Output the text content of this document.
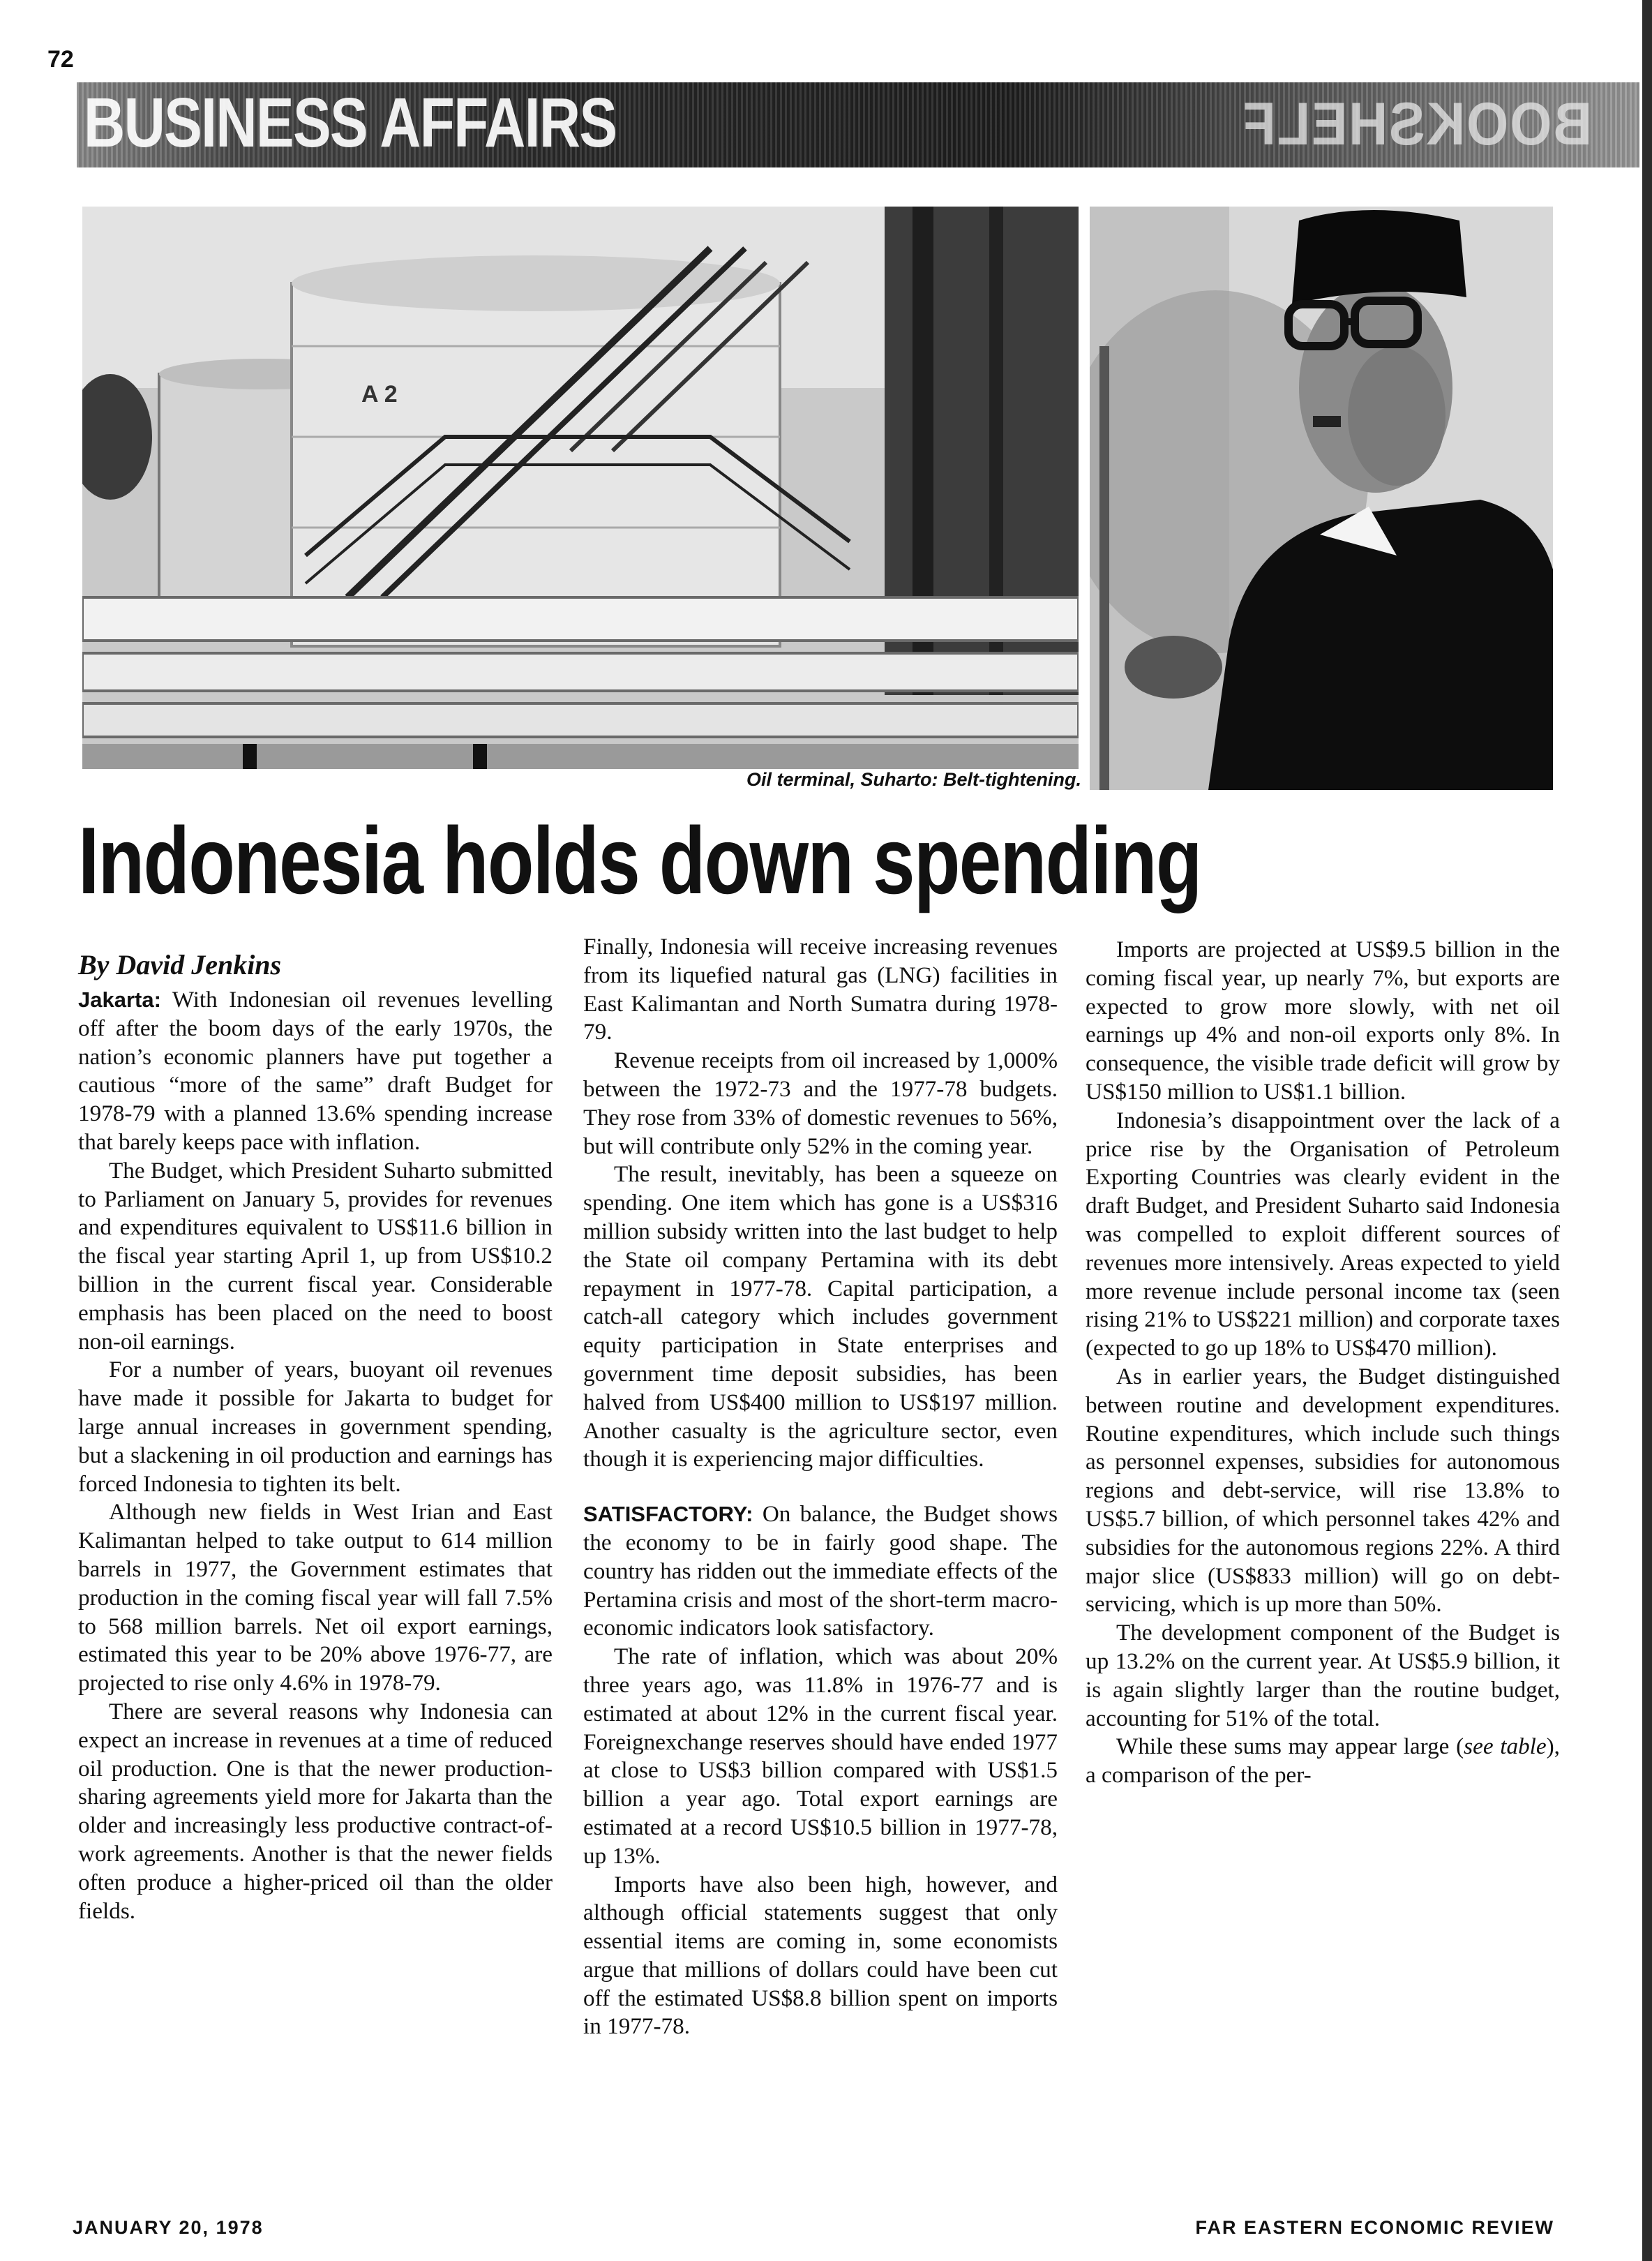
72
BUSINESS AFFAIRS	BOOKSHELF
A 2
Oil terminal, Suharto: Belt-tightening.
Indonesia holds down spending
By David Jenkins

Jakarta: With Indonesian oil revenues levelling off after the boom days of the early 1970s, the nation’s economic planners have put together a cautious “more of the same” draft Budget for 1978-79 with a planned 13.6% spending increase that barely keeps pace with inflation.

The Budget, which President Suharto submitted to Parliament on January 5, provides for revenues and expenditures equivalent to US$11.6 billion in the fiscal year starting April 1, up from US$10.2 billion in the current fiscal year. Considerable emphasis has been placed on the need to boost non-oil earnings.

For a number of years, buoyant oil revenues have made it possible for Jakarta to budget for large annual increases in government spending, but a slackening in oil production and earnings has forced Indonesia to tighten its belt.

Although new fields in West Irian and East Kalimantan helped to take output to 614 million barrels in 1977, the Government estimates that production in the coming fiscal year will fall 7.5% to 568 million barrels. Net oil export earnings, estimated this year to be 20% above 1976-77, are projected to rise only 4.6% in 1978-79.

There are several reasons why Indonesia can expect an increase in revenues at a time of reduced oil production. One is that the newer production-sharing agreements yield more for Jakarta than the older and increasingly less productive contract-of-work agreements. Another is that the newer fields often produce a higher-priced oil than the older fields.

Finally, Indonesia will receive increasing revenues from its liquefied natural gas (LNG) facilities in East Kalimantan and North Sumatra during 1978-79.

Revenue receipts from oil increased by 1,000% between the 1972-73 and the 1977-78 budgets. They rose from 33% of domestic revenues to 56%, but will contribute only 52% in the coming year.

The result, inevitably, has been a squeeze on spending. One item which has gone is a US$316 million subsidy written into the last budget to help the State oil company Pertamina with its debt repayment in 1977-78. Capital participation, a catch-all category which includes government equity participation in State enterprises and government time deposit subsidies, has been halved from US$400 million to US$197 million. Another casualty is the agriculture sector, even though it is experiencing major difficulties.

SATISFACTORY: On balance, the Budget shows the economy to be in fairly good shape. The country has ridden out the immediate effects of the Pertamina crisis and most of the short-term macroeconomic indicators look satisfactory.

The rate of inflation, which was about 20% three years ago, was 11.8% in 1976-77 and is estimated at about 12% in the current fiscal year. Foreignexchange reserves should have ended 1977 at close to US$3 billion compared with US$1.5 billion a year ago. Total export earnings are estimated at a record US$10.5 billion in 1977-78, up 13%.

Imports have also been high, however, and although official statements suggest that only essential items are coming in, some economists argue that millions of dollars could have been cut off the estimated US$8.8 billion spent on imports in 1977-78.

Imports are projected at US$9.5 billion in the coming fiscal year, up nearly 7%, but exports are expected to grow more slowly, with net oil earnings up 4% and non-oil exports only 8%. In consequence, the visible trade deficit will grow by US$150 million to US$1.1 billion.

Indonesia’s disappointment over the lack of a price rise by the Organisation of Petroleum Exporting Countries was clearly evident in the draft Budget, and President Suharto said Indonesia was compelled to exploit different sources of revenues more intensively. Areas expected to yield more revenue include personal income tax (seen rising 21% to US$221 million) and corporate taxes (expected to go up 18% to US$470 million).

As in earlier years, the Budget distinguished between routine and development expenditures. Routine expenditures, which include such things as personnel expenses, subsidies for autonomous regions and debt-service, will rise 13.8% to US$5.7 billion, of which personnel takes 42% and subsidies for the autonomous regions 22%. A third major slice (US$833 million) will go on debtservicing, which is up more than 50%.

The development component of the Budget is up 13.2% on the current year. At US$5.9 billion, it is again slightly larger than the routine budget, accounting for 51% of the total.

While these sums may appear large (see table), a comparison of the per-

JANUARY 20, 1978	FAR EASTERN ECONOMIC REVIEW
